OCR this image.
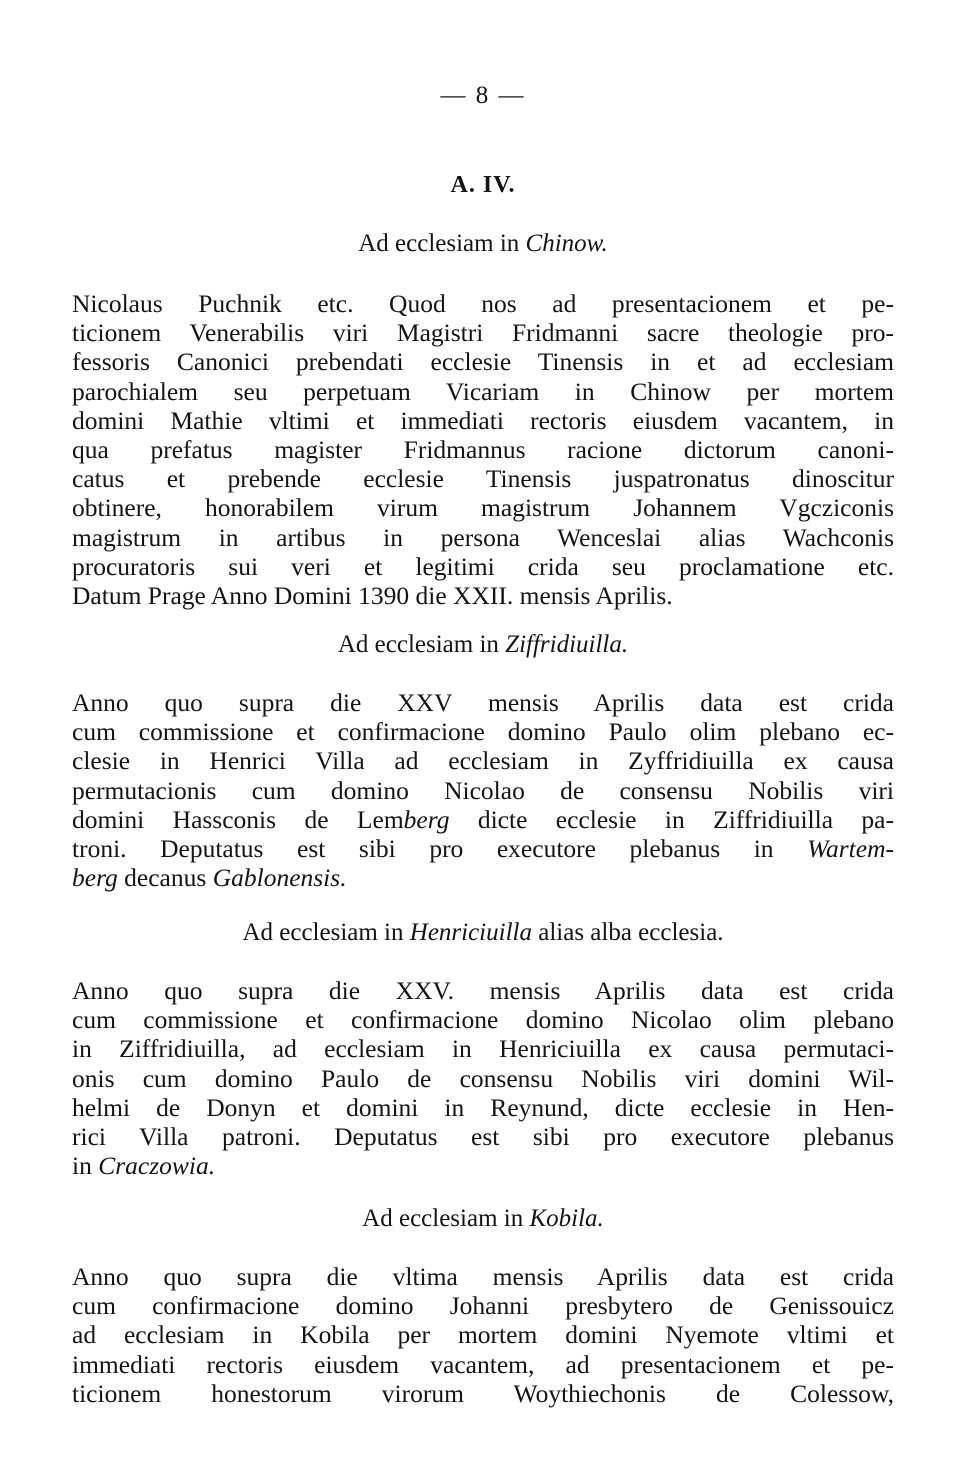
— 8 —
A. IV.
Ad ecclesiam in Chinow.
Nicolaus Puchnik etc. Quod nos ad presentacionem et pe-
ticionem Venerabilis viri Magistri Fridmanni sacre theologie pro-
fessoris Canonici prebendati ecclesie Tinensis in et ad ecclesiam
parochialem seu perpetuam Vicariam in Chinow per mortem
domini Mathie vltimi et immediati rectoris eiusdem vacantem, in
qua prefatus magister Fridmannus racione dictorum canoni-
catus et prebende ecclesie Tinensis juspatronatus dinoscitur
obtinere, honorabilem virum magistrum Johannem Vgcziconis
magistrum in artibus in persona Wenceslai alias Wachconis
procuratoris sui veri et legitimi crida seu proclamatione etc.
Datum Prage Anno Domini 1390 die XXII. mensis Aprilis.
Ad ecclesiam in Ziffridiuilla.
Anno quo supra die XXV mensis Aprilis data est crida
cum commissione et confirmacione domino Paulo olim plebano ec-
clesie in Henrici Villa ad ecclesiam in Zyffridiuilla ex causa
permutacionis cum domino Nicolao de consensu Nobilis viri
domini Hassconis de Lemberg dicte ecclesie in Ziffridiuilla pa-
troni. Deputatus est sibi pro executore plebanus in Wartem-
berg decanus Gablonensis.
Ad ecclesiam in Henriciuilla alias alba ecclesia.
Anno quo supra die XXV. mensis Aprilis data est crida
cum commissione et confirmacione domino Nicolao olim plebano
in Ziffridiuilla, ad ecclesiam in Henriciuilla ex causa permutaci-
onis cum domino Paulo de consensu Nobilis viri domini Wil-
helmi de Donyn et domini in Reynund, dicte ecclesie in Hen-
rici Villa patroni. Deputatus est sibi pro executore plebanus
in Craczowia.
Ad ecclesiam in Kobila.
Anno quo supra die vltima mensis Aprilis data est crida
cum confirmacione domino Johanni presbytero de Genissouicz
ad ecclesiam in Kobila per mortem domini Nyemote vltimi et
immediati rectoris eiusdem vacantem, ad presentacionem et pe-
ticionem honestorum virorum Woythiechonis de Colessow,
